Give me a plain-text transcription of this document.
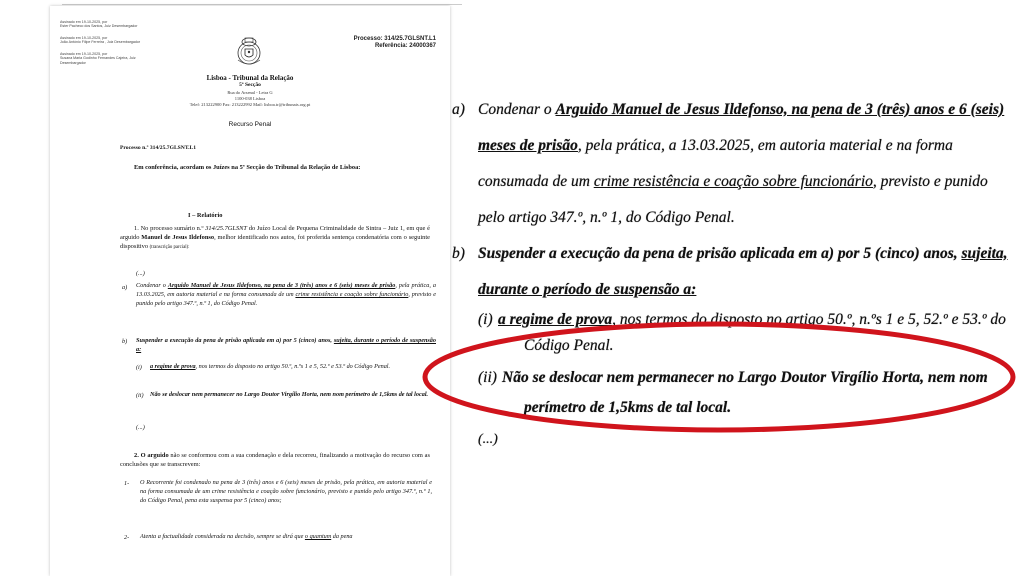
Assinado em 19-10-2025, por
Ester Pacheco dos Santos, Juiz Desembargador
Assinado em 19-10-2025, por
João António Filipe Ferreira , Juiz Desembargador
Assinado em 19-10-2025, por
Susana Maria Godinho Fernandes Cajeira, Juiz
Desembargador
Processo: 314/25.7GLSNT.L1
Referência: 24000367
Lisboa - Tribunal da Relação
5ª Secção
Rua do Arsenal - Letra G
1100-038 Lisboa
Telef: 213222900 Fax: 213222992 Mail: lisboa.tr@tribunais.org.pt
Recurso Penal
Processo n.º 314/25.7GLSNT.L1
Em conferência, acordam os Juízes na 5ª Secção do Tribunal da Relação de Lisboa:
I – Relatório
1. No processo sumário n.º 314/25.7GLSNT do Juízo Local de Pequena Criminalidade de Sintra – Juiz 1, em que é arguido Manuel de Jesus Ildefonso, melhor identificado nos autos, foi proferida sentença condenatória com o seguinte dispositivo (transcrição parcial):
(...)
a) Condenar o Arguido Manuel de Jesus Ildefonso, na pena de 3 (três) anos e 6 (seis) meses de prisão, pela prática, a 13.03.2025, em autoria material e na forma consumada de um crime resistência e coação sobre funcionário, previsto e punido pelo artigo 347.º, n.º 1, do Código Penal.
b) Suspender a execução da pena de prisão aplicada em a) por 5 (cinco) anos, sujeita, durante o período de suspensão a:
(i) a regime de prova, nos termos do disposto no artigo 50.º, n.ºs 1 e 5, 52.º e 53.º do Código Penal.
(ii) Não se deslocar nem permanecer no Largo Doutor Virgílio Horta, nem nom perímetro de 1,5kms de tal local.
(...)
2. O arguido não se conformou com a sua condenação e dela recorreu, finalizando a motivação do recurso com as conclusões que se transcrevem:
1- O Recorrente foi condenado na pena de 3 (três) anos e 6 (seis) meses de prisão, pela prática, em autoria material e na forma consumada de um crime resistência e coação sobre funcionário, previsto e punido pelo artigo 347.º, n.º 1, do Código Penal, pena esta suspensa por 5 (cinco) anos;
2- Atenta a factualidade considerada na decisão, sempre se dirá que o quantum da pena
a) Condenar o Arguido Manuel de Jesus Ildefonso, na pena de 3 (três) anos e 6 (seis)
meses de prisão, pela prática, a 13.03.2025, em autoria material e na forma
consumada de um crime resistência e coação sobre funcionário, previsto e punido
pelo artigo 347.º, n.º 1, do Código Penal.
b) Suspender a execução da pena de prisão aplicada em a) por 5 (cinco) anos, sujeita,
durante o período de suspensão a:
(i) a regime de prova, nos termos do disposto no artigo 50.º, n.ºs 1 e 5, 52.º e 53.º do
Código Penal.
(ii) Não se deslocar nem permanecer no Largo Doutor Virgílio Horta, nem nom
perímetro de 1,5kms de tal local.
(...)
